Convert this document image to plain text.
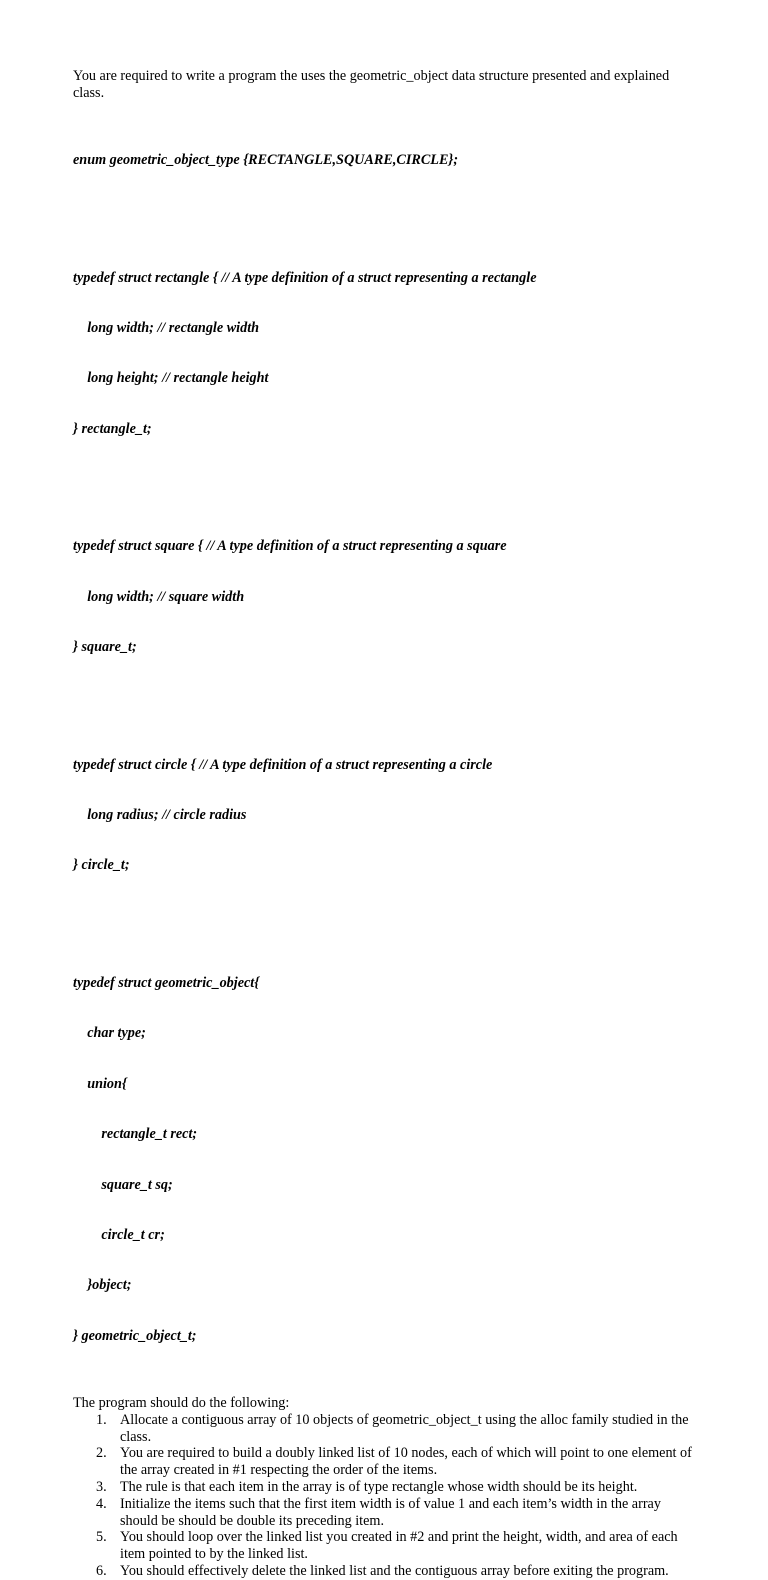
You are required to write a program the uses the geometric_object data structure presented and explained class.

enum geometric_object_type {RECTANGLE,SQUARE,CIRCLE};

typedef struct rectangle { // A type definition of a struct representing a rectangle

long width; // rectangle width

long height; // rectangle height

} rectangle_t;

typedef struct square { // A type definition of a struct representing a square

long width; // square width

} square_t;

typedef struct circle { // A type definition of a struct representing a circle

long radius; // circle radius

} circle_t;

typedef struct geometric_object{

char type;

union{

rectangle_t rect;

square_t sq;

circle_t cr;

}object;

} geometric_object_t;

The program should do the following:

1. Allocate a contiguous array of 10 objects of geometric_object_t using the alloc family studied in the class.
2. You are required to build a doubly linked list of 10 nodes, each of which will point to one element of the array created in #1 respecting the order of the items.
3. The rule is that each item in the array is of type rectangle whose width should be its height.
4. Initialize the items such that the first item width is of value 1 and each item’s width in the array should be should be double its preceding item.
5. You should loop over the linked list you created in #2 and print the height, width, and area of each item pointed to by the linked list.
6. You should effectively delete the linked list and the contiguous array before exiting the program.
